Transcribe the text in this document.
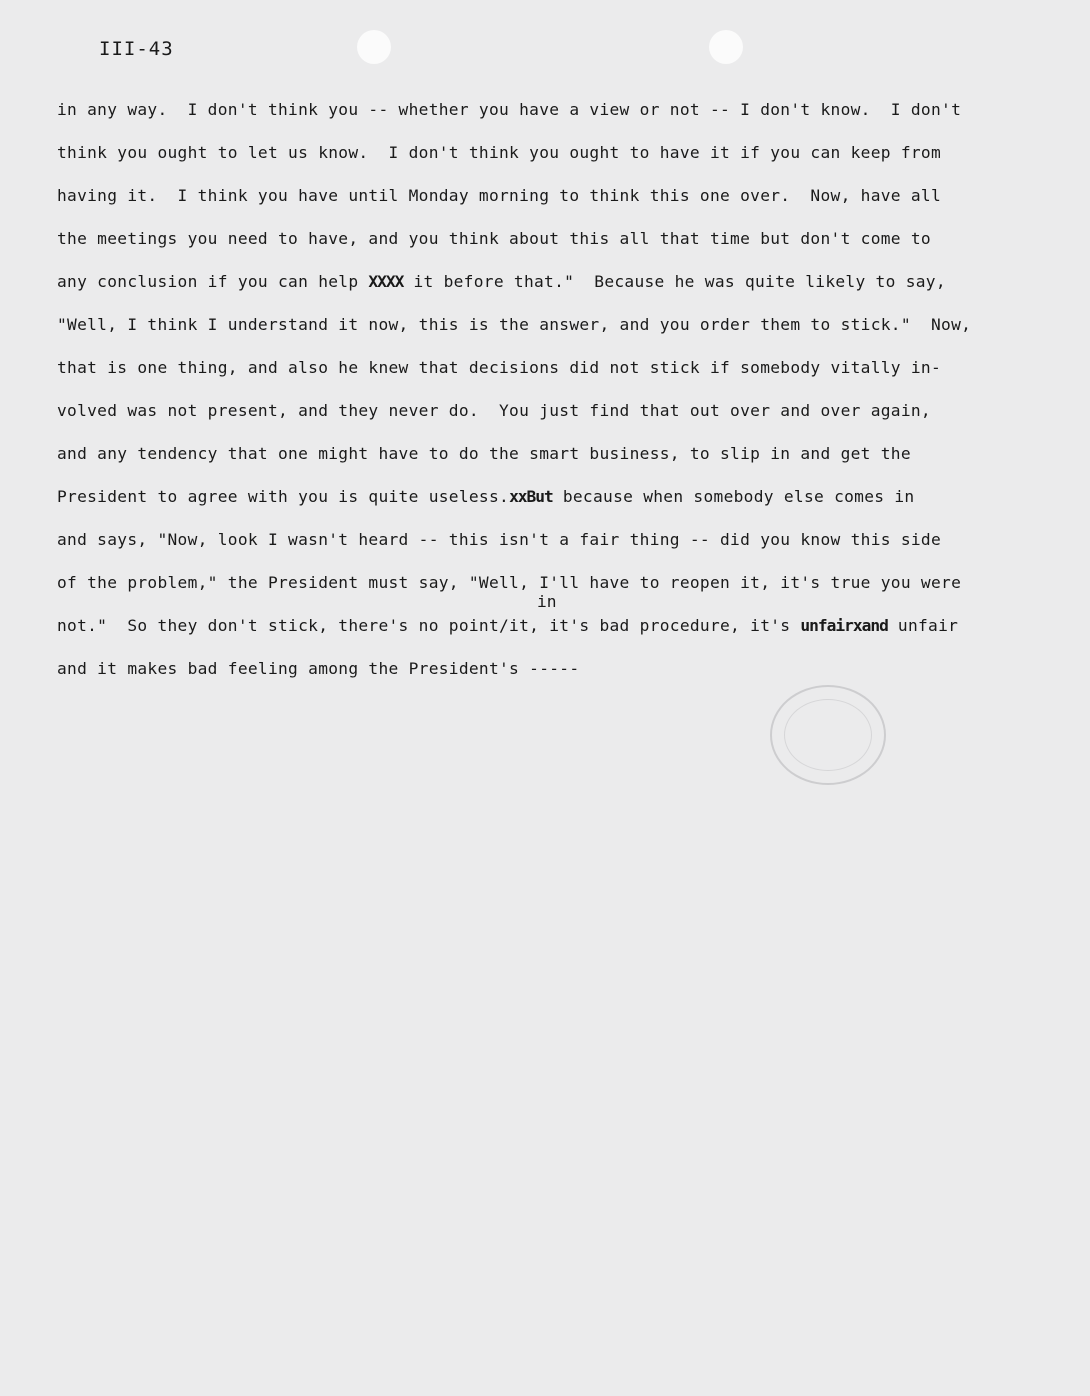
III-43
in any way.  I don't think you -- whether you have a view or not -- I don't know.  I don't
think you ought to let us know.  I don't think you ought to have it if you can keep from
having it.  I think you have until Monday morning to think this one over.  Now, have all
the meetings you need to have, and you think about this all that time but don't come to
any conclusion if you can help XXXX it before that."  Because he was quite likely to say,
"Well, I think I understand it now, this is the answer, and you order them to stick."  Now,
that is one thing, and also he knew that decisions did not stick if somebody vitally in-
volved was not present, and they never do.  You just find that out over and over again,
and any tendency that one might have to do the smart business, to slip in and get the
President to agree with you is quite useless.xxBut because when somebody else comes in
and says, "Now, look I wasn't heard -- this isn't a fair thing -- did you know this side
of the problem," the President must say, "Well, I'll have to reopen it, it's true you were
not."  So they don't stick, there's no point/it, it's bad procedure, it's unfairxand unfair
and it makes bad feeling among the President's -----
in
